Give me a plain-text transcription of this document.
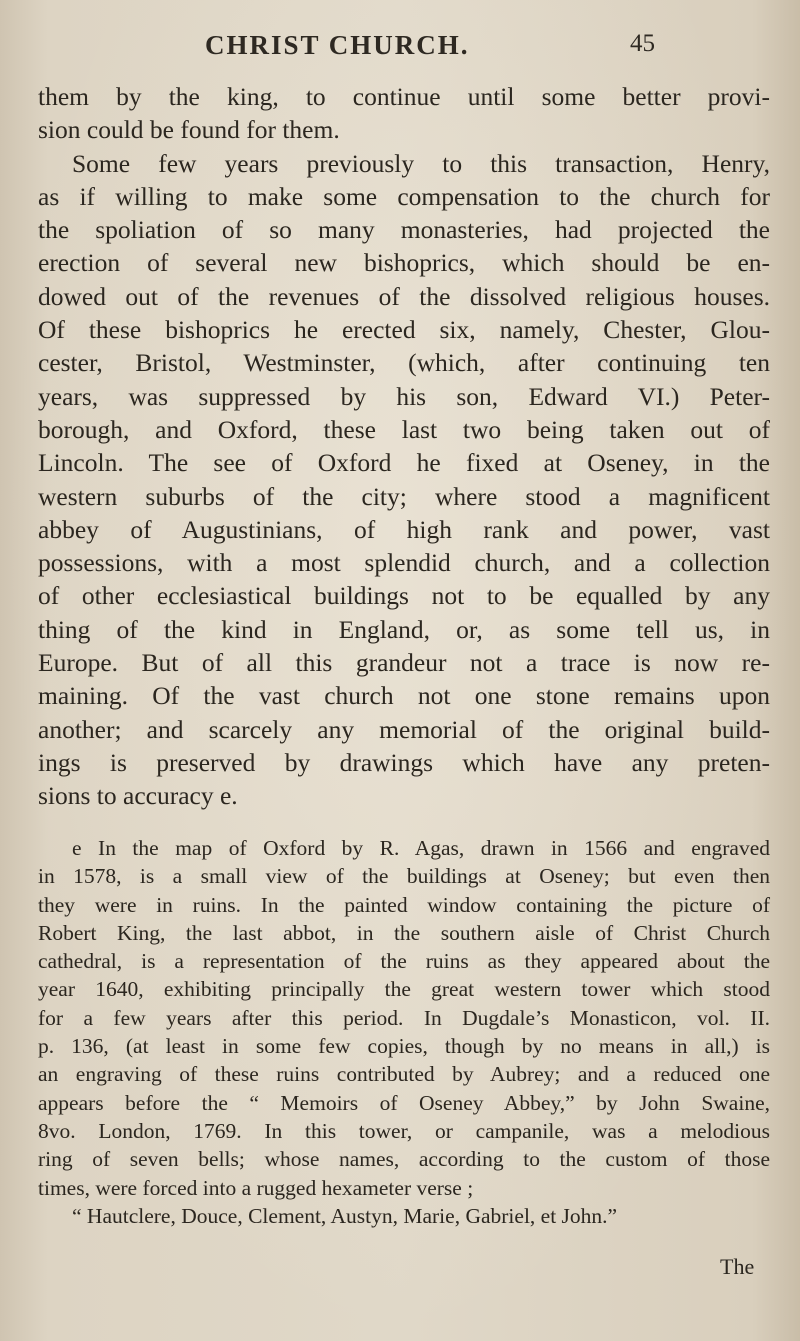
CHRIST CHURCH.	45
them by the king, to continue until some better provi-
sion could be found for them.
Some few years previously to this transaction, Henry,
as if willing to make some compensation to the church for
the spoliation of so many monasteries, had projected the
erection of several new bishoprics, which should be en-
dowed out of the revenues of the dissolved religious houses.
Of these bishoprics he erected six, namely, Chester, Glou-
cester, Bristol, Westminster, (which, after continuing ten
years, was suppressed by his son, Edward VI.) Peter-
borough, and Oxford, these last two being taken out of
Lincoln. The see of Oxford he fixed at Oseney, in the
western suburbs of the city; where stood a magnificent
abbey of Augustinians, of high rank and power, vast
possessions, with a most splendid church, and a collection
of other ecclesiastical buildings not to be equalled by any
thing of the kind in England, or, as some tell us, in
Europe. But of all this grandeur not a trace is now re-
maining. Of the vast church not one stone remains upon
another; and scarcely any memorial of the original build-
ings is preserved by drawings which have any preten-
sions to accuracy e.
e In the map of Oxford by R. Agas, drawn in 1566 and engraved
in 1578, is a small view of the buildings at Oseney; but even then
they were in ruins. In the painted window containing the picture of
Robert King, the last abbot, in the southern aisle of Christ Church
cathedral, is a representation of the ruins as they appeared about the
year 1640, exhibiting principally the great western tower which stood
for a few years after this period. In Dugdale’s Monasticon, vol. II.
p. 136, (at least in some few copies, though by no means in all,) is
an engraving of these ruins contributed by Aubrey; and a reduced one
appears before the “ Memoirs of Oseney Abbey,” by John Swaine,
8vo. London, 1769. In this tower, or campanile, was a melodious
ring of seven bells; whose names, according to the custom of those
times, were forced into a rugged hexameter verse ;
“ Hautclere, Douce, Clement, Austyn, Marie, Gabriel, et John.”
The
